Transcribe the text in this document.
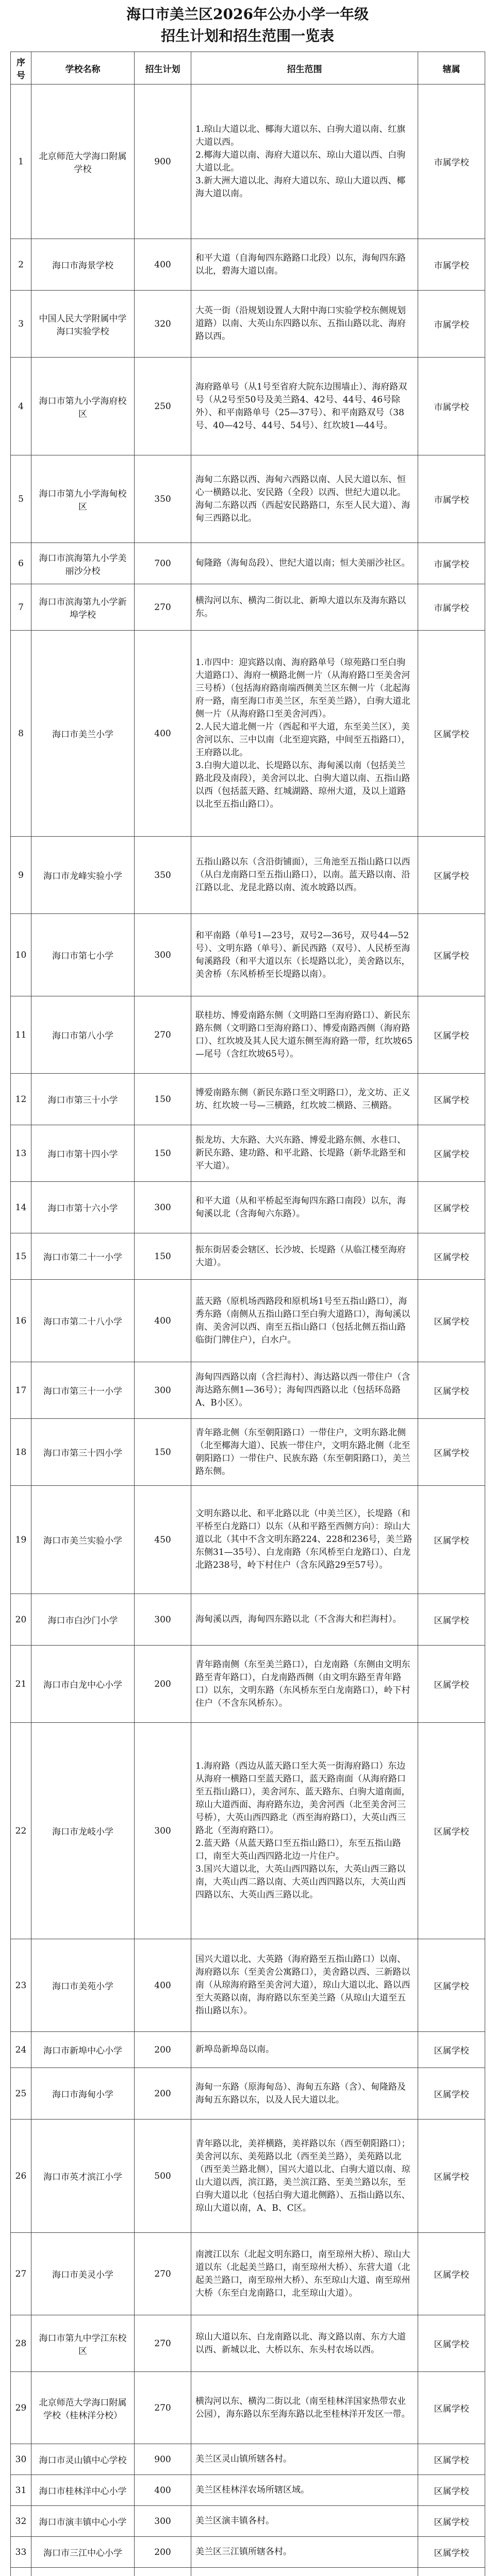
海口市美兰区2026年公办小学一年级
招生计划和招生范围一览表
序号	学校名称	招生计划	招生范围	辖属
1	北京师范大学海口附属学校	900	1.琼山大道以北、椰海大道以东、白驹大道以南、红旗大道以西。
2.椰海大道以南、海府大道以东、琼山大道以西、白驹大道以北。
3.新大洲大道以北、海府大道以东、琼山大道以西、椰海大道以南。	市属学校
2	海口市海景学校	400	和平大道（自海甸四东路路口北段）以东，海甸四东路以北，碧海大道以南。	市属学校
3	中国人民大学附属中学海口实验学校	320	大英一街（沿规划设置人大附中海口实验学校东侧规划道路）以南、大英山东四路以东、五指山路以北、海府路以西。	市属学校
4	海口市第九小学海府校区	250	海府路单号（从1号至省府大院东边围墙止）、海府路双号（从2号至50号及美兰路4、42号、44号、46号除外）、和平南路单号（25—37号）、和平南路双号（38号、40—42号、44号、54号）、红坎坡1—44号。	市属学校
5	海口市第九小学海甸校区	350	海甸二东路以西、海甸六西路以南、人民大道以东、恒心一横路以北、安民路（全段）以西、世纪大道以北。
海甸二东路以西（西起安民路路口，东至人民大道）、海甸三西路以北。	市属学校
6	海口市滨海第九小学美丽沙分校	700	甸隆路（海甸岛段）、世纪大道以南；恒大美丽沙社区。	市属学校
7	海口市滨海第九小学新埠学校	270	横沟河以东、横沟二街以北、新埠大道以东及海东路以东。	市属学校
8	海口市美兰小学	400	1.市四中：迎宾路以南、海府路单号（琼苑路口至白驹大道路口）、海府一横路北侧一片（从海府路口至美舍河三号桥）（包括海府路南端西侧美兰区东侧一片（北起海府一路，南至海口市美兰区，东至美兰路），白驹大道北侧一片（从海府路口至美舍河西）。
2.人民大道北侧一片（西起和平大道，东至美兰区），美舍河以东、三中以南（北至迎宾路，中间至五指路口），王府路以北。
3.白驹大道以北、长堤路以东、海甸溪以南（包括美兰路北段及南段），美舍河以北、白驹大道以南、五指山路以西（包括蓝天路、红城湖路、琼州大道，及以上道路以北至五指山路口）。	区属学校
9	海口市龙峰实验小学	350	五指山路以东（含沿街铺面），三角池至五指山路口以西（从白龙南路口至五指山路口），以南。蓝天路以南、沿江路以北、龙昆北路以南、流水坡路以西。	区属学校
10	海口市第七小学	300	和平南路（单号1—23号，双号2—36号，双号44—52号）、文明东路（单号）、新民西路（双号）、人民桥至海甸溪路段（和平大道以东（长堤路以北），美舍路以东，美舍桥（东风桥桥至长堤路以南）。	区属学校
11	海口市第八小学	270	联桂坊、博爱南路东侧（文明路口至海府路口）、新民东路东侧（文明路口至海府路口）、博爱南路西侧（海府路口）、红坎坡及其人民大道东侧至海府路一带，红坎坡65—尾号（含红坎坡65号）。	区属学校
12	海口市第三十小学	150	博爱南路东侧（新民东路口至文明路口），龙文坊、正义坊、红坎坡一号—三横路，红坎坡二横路、三横路。	区属学校
13	海口市第十四小学	150	振龙坊、大东路、大兴东路、博爱北路东侧、水巷口、新民东路、建功路、和平北路、长堤路（新华北路至和平大道）。	区属学校
14	海口市第十六小学	300	和平大道（从和平桥起至海甸四东路口南段）以东，海甸溪以北（含海甸六东路）。	区属学校
15	海口市第二十一小学	150	振东街居委会辖区、长沙坡、长堤路（从临江楼至海府大道）。	区属学校
16	海口市第二十八小学	400	蓝天路（原机场西路段和原机场1号至五指山路口），海秀东路（南侧从五指山路口至白驹大道路口），海甸溪以南、美舍河以西、南至五指山路口（包括北侧五指山路临街门牌住户），白水户。	区属学校
17	海口市第三十一小学	300	海甸四西路以南（含拦海村）、海达路以西一带住户（含海达路东侧1—36号）；海甸四西路以北（包括环岛路A、B小区）。	区属学校
18	海口市第三十四小学	150	青年路北侧（东至朝阳路口）一带住户，文明东路北侧（北至椰海大道）、民族一带住户，文明东路北侧（北至朝阳路口）一带住户、民族东路（东至朝阳路口），美兰路东侧。	区属学校
19	海口市美兰实验小学	450	文明东路以北、和平北路以北（中美兰区），长堤路（和平桥至白龙路口）以东（从和平路至西侧方向）：琼山大道以北（其中不含文明东路224、228和236号，美兰路东侧31—35号）、白龙南路（东风桥至白龙路口）、白龙北路238号，岭下村住户（含东风路29至57号）。	区属学校
20	海口市白沙门小学	300	海甸溪以西，海甸四东路以北（不含海大和拦海村）。	区属学校
21	海口市白龙中心小学	200	青年路南侧（东至美兰路口），白龙南路（东侧由文明东路至青年路口），白龙南路西侧（由文明东路至青年路口）以东，文明东路（东风桥东至白龙南路口），岭下村住户（不含东风桥东）。	区属学校
22	海口市龙岐小学	300	1.海府路（西边从蓝天路口至大英一街海府路口）东边从海府一横路口至蓝天路口，蓝天路南面（从海府路口至五指山路口），美舍河东、蓝天路东、白驹大道南面，琼山大道西面、海府路东边，美舍河西（北至美舍河三号桥），大英山西四路北（西至海府路口），大英山西三路北（至海府路口）。
2.蓝天路（从蓝天路口至五指山路口），东至五指山路口，南至大英山西四路北边一片住户。
3.国兴大道以北，大英山西四路以东，大英山西三路以南，大英山西二路以南、大英山西四路以东，大英山西四路以东、大英山西三路以北。	区属学校
23	海口市美苑小学	400	国兴大道以北、大英路（海府路至五指山路口）以南、海府路以东（至美舍公寓路口），美舍路以西、三新路以南（从琼海府路至美舍河大道），琼山大道以北、路以西至大英路以南，海府路以东至美兰路（从琼山大道至五指山路以东）。	区属学校
24	海口市新埠中心小学	200	新埠岛新埠岛以南。	区属学校
25	海口市海甸小学	200	海甸一东路（原海甸岛）、海甸五东路（含）、甸隆路及海甸五东路以东，以及人民大道以北。	区属学校
26	海口市英才滨江小学	500	青年路以北，美祥横路，美祥路以东（西至朝阳路口）；美舍河以东、美苑路以北（西至美兰路），美苑路以北（西至美兰路北侧），国兴大道以北、白驹大道以南、琼山大道以西，滨江路，美兰滨江路、至美兰路以东，至白驹大道以北（包括白驹大道北侧路）、五指山路以东、琼山大道以南，A、B、C区。	区属学校
27	海口市美灵小学	270	南渡江以东（北起文明东路口，南至琼州大桥）、琼山大道以东（北起美兰路口，南至琼州大桥）、东营大道（北起美兰路口，南至琼州大桥）、东至琼山大道、南至琼州大桥（东至白龙南路口，北至琼山大道）。	区属学校
28	海口市第九中学江东校区	270	琼山大道以东、白龙南路以北、海文路以南、东方大道以西、新城以北、大桥以东、东头村农场以西。	区属学校
29	北京师范大学海口附属学校（桂林洋分校）	270	横沟河以东、横沟二街以北（南至桂林洋国家热带农业公园），海东路以东至海东路以北至桂林洋开发区一带。	区属学校
30	海口市灵山镇中心学校	900	美兰区灵山镇所辖各村。	区属学校
31	海口市桂林洋中心小学	400	美兰区桂林洋农场所辖区域。	区属学校
32	海口市演丰镇中心小学	300	美兰区演丰镇各村。	区属学校
33	海口市三江中心小学	200	美兰区三江镇所辖各村。	区属学校
